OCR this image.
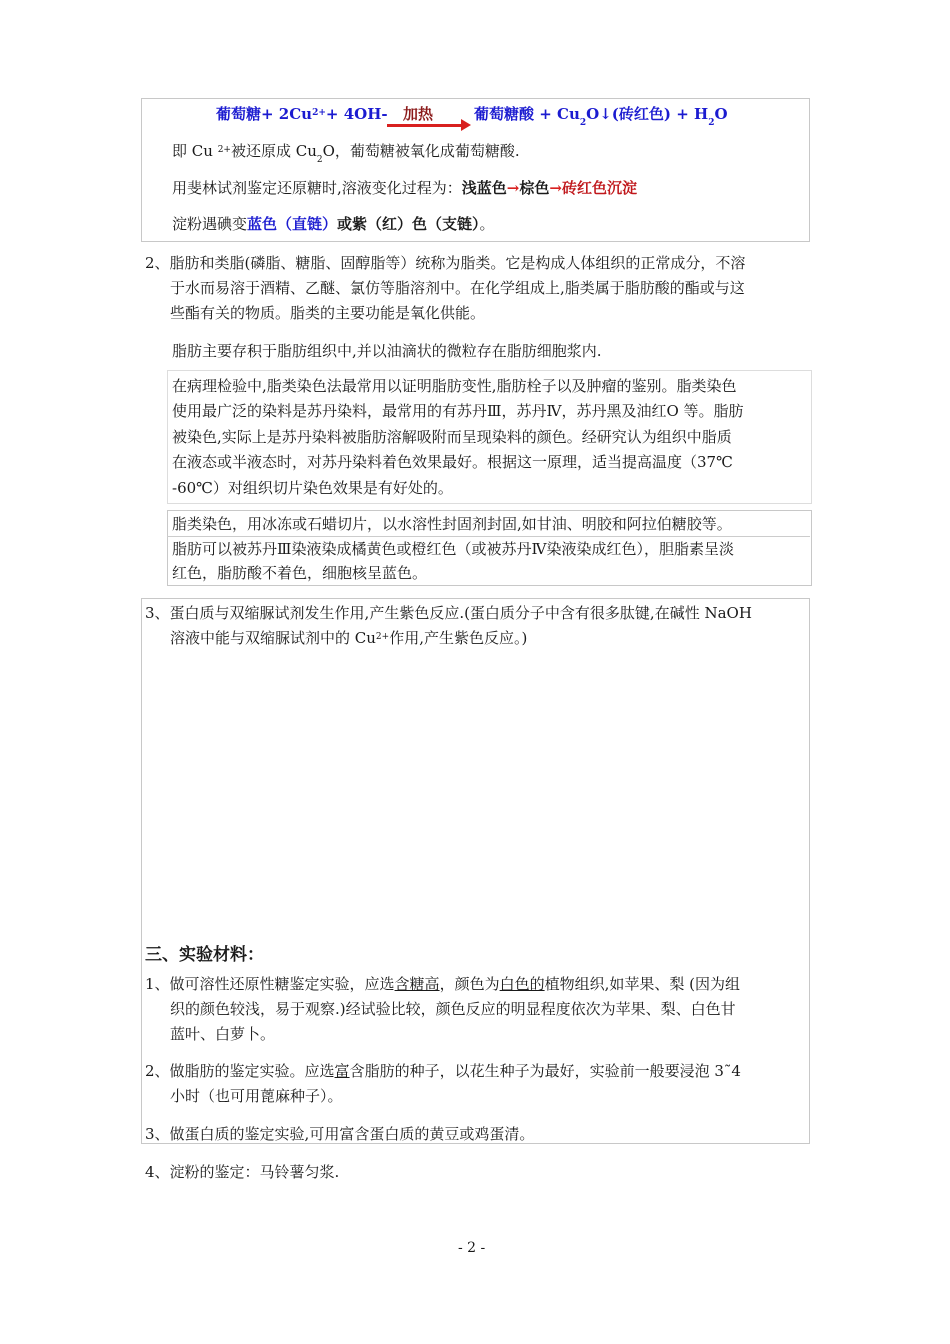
葡萄糖+ $2Cu^{2+}+ 4OH-$ 加热	葡萄糖酸 + $Cu_2O↓$(砖红色) + $H_2O$
即 Cu $^{2+}$被还原成 $Cu_2O$，葡萄糖被氧化成葡萄糖酸.
用斐林试剂鉴定还原糖时,溶液变化过程为：浅蓝色→棕色→砖红色沉淀
淀粉遇碘变蓝色（直链）或紫（红）色（支链）。
2、脂肪和类脂(磷脂、糖脂、固醇脂等）统称为脂类。它是构成人体组织的正常成分，不溶
于水而易溶于酒精、乙醚、氯仿等脂溶剂中。在化学组成上,脂类属于脂肪酸的酯或与这
些酯有关的物质。脂类的主要功能是氧化供能。
脂肪主要存积于脂肪组织中,并以油滴状的微粒存在脂肪细胞浆内.
在病理检验中,脂类染色法最常用以证明脂肪变性,脂肪栓子以及肿瘤的鉴别。脂类染色
使用最广泛的染料是苏丹染料，最常用的有苏丹Ⅲ，苏丹Ⅳ，苏丹黑及油红O 等。脂肪
被染色,实际上是苏丹染料被脂肪溶解吸附而呈现染料的颜色。经研究认为组织中脂质
在液态或半液态时，对苏丹染料着色效果最好。根据这一原理，适当提高温度（37℃
-60℃）对组织切片染色效果是有好处的。
脂类染色，用冰冻或石蜡切片，以水溶性封固剂封固,如甘油、明胶和阿拉伯糖胶等。
脂肪可以被苏丹Ⅲ染液染成橘黄色或橙红色（或被苏丹Ⅳ染液染成红色），胆脂素呈淡
红色，脂肪酸不着色，细胞核呈蓝色。
3、蛋白质与双缩脲试剂发生作用,产生紫色反应.(蛋白质分子中含有很多肽键,在碱性 NaOH
溶液中能与双缩脲试剂中的 $Cu^{2+}$作用,产生紫色反应。)
三、实验材料：
1、做可溶性还原性糖鉴定实验，应选含糖高，颜色为白色的植物组织,如苹果、梨 (因为组
织的颜色较浅，易于观察.)经试验比较，颜色反应的明显程度依次为苹果、梨、白色甘
蓝叶、白萝卜。
2、做脂肪的鉴定实验。应选富含脂肪的种子，以花生种子为最好，实验前一般要浸泡 3˜4
小时（也可用蓖麻种子）。
3、做蛋白质的鉴定实验,可用富含蛋白质的黄豆或鸡蛋清。
4、淀粉的鉴定：马铃薯匀浆.
- 2 -
